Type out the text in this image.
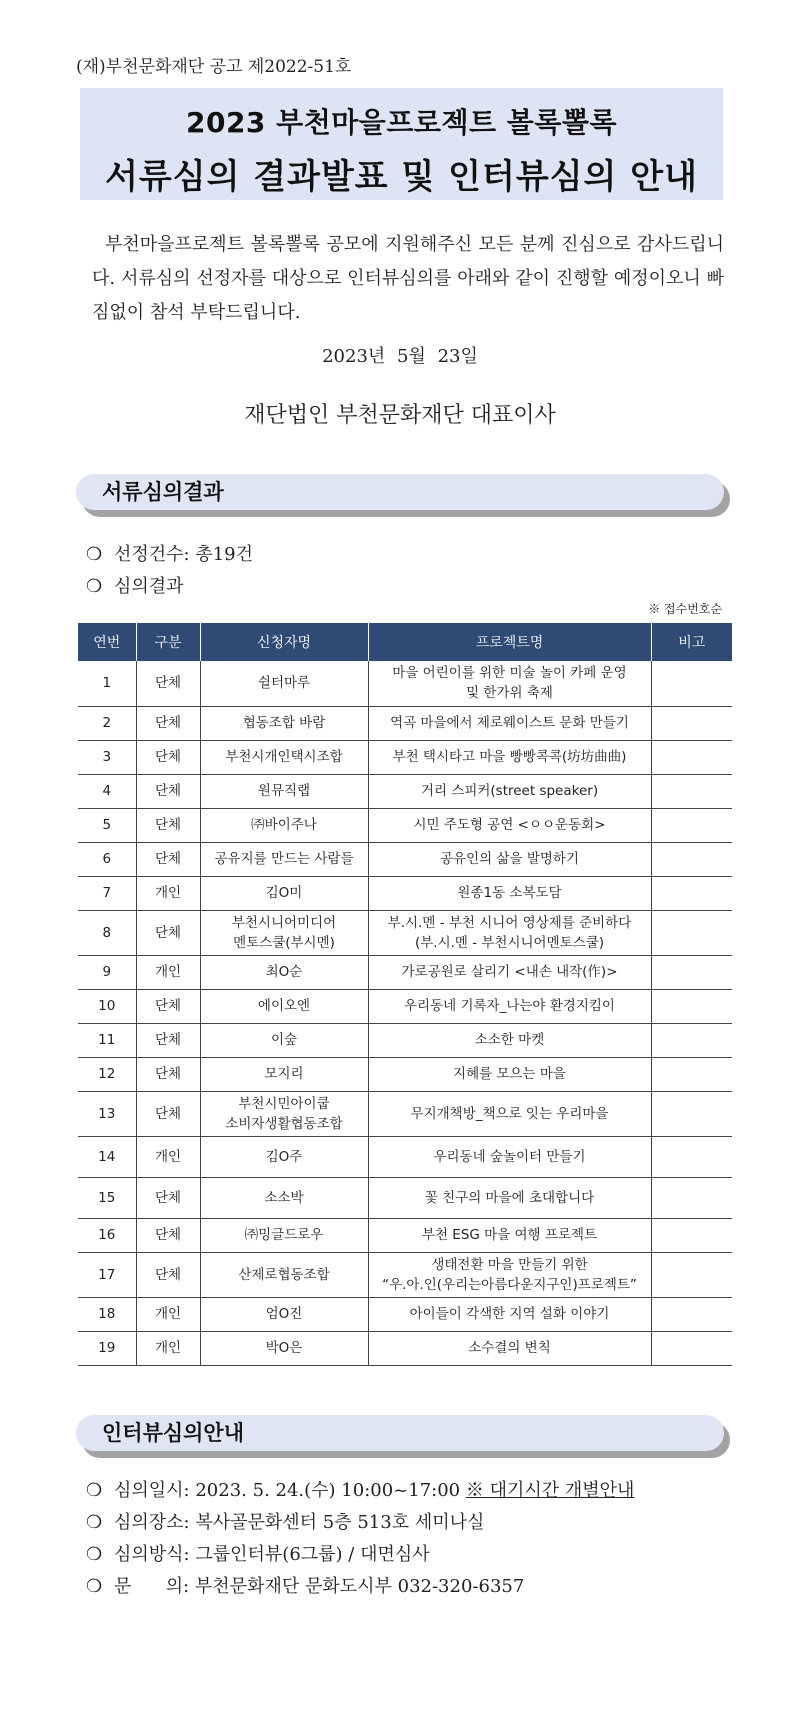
(재)부천문화재단 공고 제2022-51호
2023 부천마을프로젝트 볼록뽈록
서류심의 결과발표 및 인터뷰심의 안내
부천마을프로젝트 볼록뽈록 공모에 지원해주신 모든 분께 진심으로 감사드립니다. 서류심의 선정자를 대상으로 인터뷰심의를 아래와 같이 진행할 예정이오니 빠짐없이 참석 부탁드립니다.
2023년 5월 23일
재단법인 부천문화재단 대표이사
서류심의결과
❍ 선정건수: 총19건
❍ 심의결과
※ 접수번호순
연번	구분	신청자명	프로젝트명	비고
1	단체	쉴터마루	마을 어린이를 위한 미술 놀이 카페 운영
및 한가위 축제	
2	단체	협동조합 바람	역곡 마을에서 제로웨이스트 문화 만들기	
3	단체	부천시개인택시조합	부천 택시타고 마을 빵빵콕콕(坊坊曲曲)	
4	단체	원뮤직랩	거리 스피커(street speaker)	
5	단체	㈜바이주나	시민 주도형 공연 <ㅇㅇ운동회>	
6	단체	공유지를 만드는 사람들	공유인의 삶을 발명하기	
7	개인	김O미	원종1동 소복도담	
8	단체	부천시니어미디어
멘토스쿨(부시멘)	부.시.멘 - 부천 시니어 영상제를 준비하다
(부.시.멘 - 부천시니어멘토스쿨)	
9	개인	최O순	가로공원로 살리기 <내손 내작(作)>	
10	단체	에이오엔	우리동네 기록자_나는야 환경지킴이	
11	단체	이숲	소소한 마켓	
12	단체	모지리	지혜를 모으는 마을	
13	단체	부천시민아이쿱
소비자생활협동조합	무지개책방_책으로 잇는 우리마을	
14	개인	김O주	우리동네 숲놀이터 만들기	
15	단체	소소박	꽃 친구의 마을에 초대합니다	
16	단체	㈜밍글드로우	부천 ESG 마을 여행 프로젝트	
17	단체	산제로협동조합	생태전환 마을 만들기 위한
“우.아.인(우리는아름다운지구인)프로젝트”	
18	개인	엄O진	아이들이 각색한 지역 설화 이야기	
19	개인	박O은	소수결의 변칙	
인터뷰심의안내
❍ 심의일시: 2023. 5. 24.(수) 10:00~17:00 ※ 대기시간 개별안내
❍ 심의장소: 복사골문화센터 5층 513호 세미나실
❍ 심의방식: 그룹인터뷰(6그룹) / 대면심사
❍ 문      의: 부천문화재단 문화도시부 032-320-6357
